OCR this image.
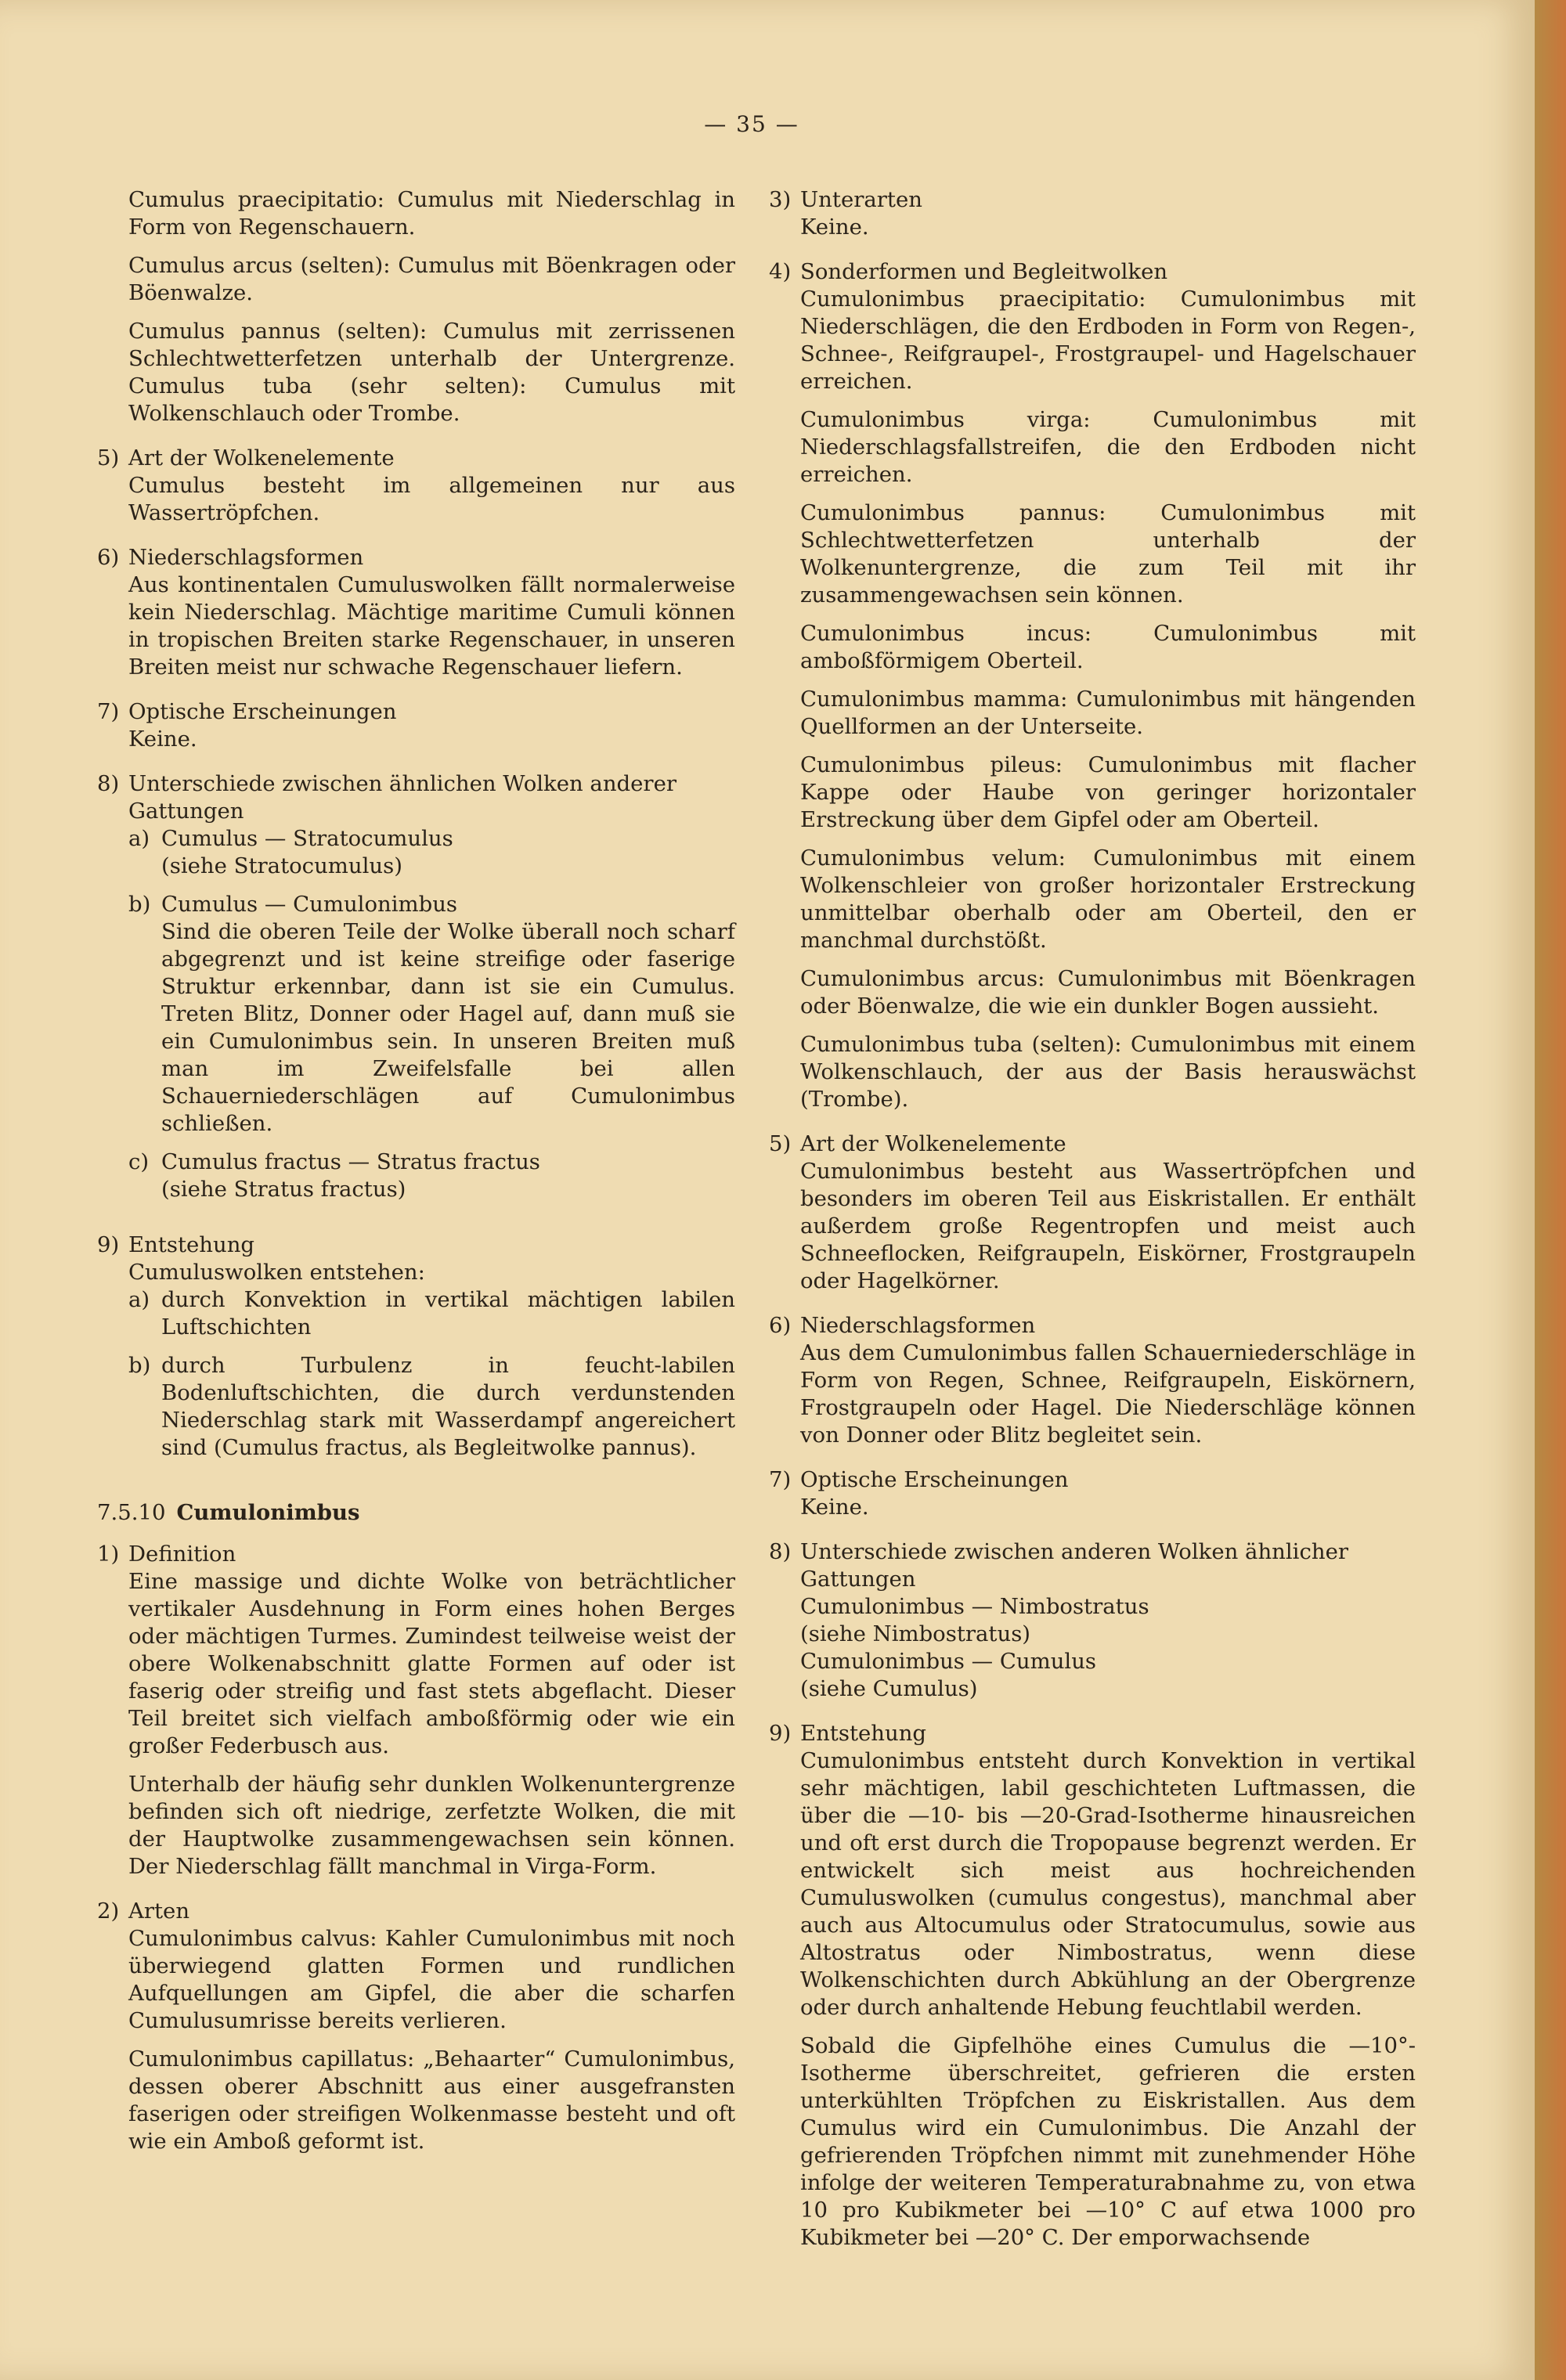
— 35 —
Cumulus praecipitatio: Cumulus mit Niederschlag in Form von Regenschauern.
Cumulus arcus (selten): Cumulus mit Böenkragen oder Böenwalze.
Cumulus pannus (selten): Cumulus mit zerrissenen Schlechtwetterfetzen unterhalb der Untergrenze. Cumulus tuba (sehr selten): Cumulus mit Wolkenschlauch oder Trombe.
5) Art der Wolkenelemente
Cumulus besteht im allgemeinen nur aus Wassertröpfchen.
6) Niederschlagsformen
Aus kontinentalen Cumuluswolken fällt normalerweise kein Niederschlag. Mächtige maritime Cumuli können in tropischen Breiten starke Regenschauer, in unseren Breiten meist nur schwache Regenschauer liefern.
7) Optische Erscheinungen
Keine.
8) Unterschiede zwischen ähnlichen Wolken anderer Gattungen
a) Cumulus — Stratocumulus
(siehe Stratocumulus)
b) Cumulus — Cumulonimbus
Sind die oberen Teile der Wolke überall noch scharf abgegrenzt und ist keine streifige oder faserige Struktur erkennbar, dann ist sie ein Cumulus. Treten Blitz, Donner oder Hagel auf, dann muß sie ein Cumulonimbus sein. In unseren Breiten muß man im Zweifelsfalle bei allen Schauerniederschlägen auf Cumulonimbus schließen.
c) Cumulus fractus — Stratus fractus
(siehe Stratus fractus)
9) Entstehung
Cumuluswolken entstehen:
a) durch Konvektion in vertikal mächtigen labilen Luftschichten
b) durch Turbulenz in feucht-labilen Bodenluftschichten, die durch verdunstenden Niederschlag stark mit Wasserdampf angereichert sind (Cumulus fractus, als Begleitwolke pannus).
7.5.10 Cumulonimbus
1) Definition
Eine massige und dichte Wolke von beträchtlicher vertikaler Ausdehnung in Form eines hohen Berges oder mächtigen Turmes. Zumindest teilweise weist der obere Wolkenabschnitt glatte Formen auf oder ist faserig oder streifig und fast stets abgeflacht. Dieser Teil breitet sich vielfach amboßförmig oder wie ein großer Federbusch aus.
Unterhalb der häufig sehr dunklen Wolkenuntergrenze befinden sich oft niedrige, zerfetzte Wolken, die mit der Hauptwolke zusammengewachsen sein können. Der Niederschlag fällt manchmal in Virga-Form.
2) Arten
Cumulonimbus calvus: Kahler Cumulonimbus mit noch überwiegend glatten Formen und rundlichen Aufquellungen am Gipfel, die aber die scharfen Cumulusumrisse bereits verlieren.
Cumulonimbus capillatus: „Behaarter“ Cumulonimbus, dessen oberer Abschnitt aus einer ausgefransten faserigen oder streifigen Wolkenmasse besteht und oft wie ein Amboß geformt ist.
3) Unterarten
Keine.
4) Sonderformen und Begleitwolken
Cumulonimbus praecipitatio: Cumulonimbus mit Niederschlägen, die den Erdboden in Form von Regen-, Schnee-, Reifgraupel-, Frostgraupel- und Hagelschauer erreichen.
Cumulonimbus virga: Cumulonimbus mit Niederschlagsfallstreifen, die den Erdboden nicht erreichen.
Cumulonimbus pannus: Cumulonimbus mit Schlechtwetterfetzen unterhalb der Wolkenuntergrenze, die zum Teil mit ihr zusammengewachsen sein können.
Cumulonimbus incus: Cumulonimbus mit amboßförmigem Oberteil.
Cumulonimbus mamma: Cumulonimbus mit hängenden Quellformen an der Unterseite.
Cumulonimbus pileus: Cumulonimbus mit flacher Kappe oder Haube von geringer horizontaler Erstreckung über dem Gipfel oder am Oberteil.
Cumulonimbus velum: Cumulonimbus mit einem Wolkenschleier von großer horizontaler Erstreckung unmittelbar oberhalb oder am Oberteil, den er manchmal durchstößt.
Cumulonimbus arcus: Cumulonimbus mit Böenkragen oder Böenwalze, die wie ein dunkler Bogen aussieht.
Cumulonimbus tuba (selten): Cumulonimbus mit einem Wolkenschlauch, der aus der Basis herauswächst (Trombe).
5) Art der Wolkenelemente
Cumulonimbus besteht aus Wassertröpfchen und besonders im oberen Teil aus Eiskristallen. Er enthält außerdem große Regentropfen und meist auch Schneeflocken, Reifgraupeln, Eiskörner, Frostgraupeln oder Hagelkörner.
6) Niederschlagsformen
Aus dem Cumulonimbus fallen Schauerniederschläge in Form von Regen, Schnee, Reifgraupeln, Eiskörnern, Frostgraupeln oder Hagel. Die Niederschläge können von Donner oder Blitz begleitet sein.
7) Optische Erscheinungen
Keine.
8) Unterschiede zwischen anderen Wolken ähnlicher Gattungen
Cumulonimbus — Nimbostratus
(siehe Nimbostratus)
Cumulonimbus — Cumulus
(siehe Cumulus)
9) Entstehung
Cumulonimbus entsteht durch Konvektion in vertikal sehr mächtigen, labil geschichteten Luftmassen, die über die —10- bis —20-Grad-Isotherme hinausreichen und oft erst durch die Tropopause begrenzt werden. Er entwickelt sich meist aus hochreichenden Cumuluswolken (cumulus congestus), manchmal aber auch aus Altocumulus oder Stratocumulus, sowie aus Altostratus oder Nimbostratus, wenn diese Wolkenschichten durch Abkühlung an der Obergrenze oder durch anhaltende Hebung feuchtlabil werden.
Sobald die Gipfelhöhe eines Cumulus die —10°-Isotherme überschreitet, gefrieren die ersten unterkühlten Tröpfchen zu Eiskristallen. Aus dem Cumulus wird ein Cumulonimbus. Die Anzahl der gefrierenden Tröpfchen nimmt mit zunehmender Höhe infolge der weiteren Temperaturabnahme zu, von etwa 10 pro Kubikmeter bei —10° C auf etwa 1000 pro Kubikmeter bei —20° C. Der emporwachsende
